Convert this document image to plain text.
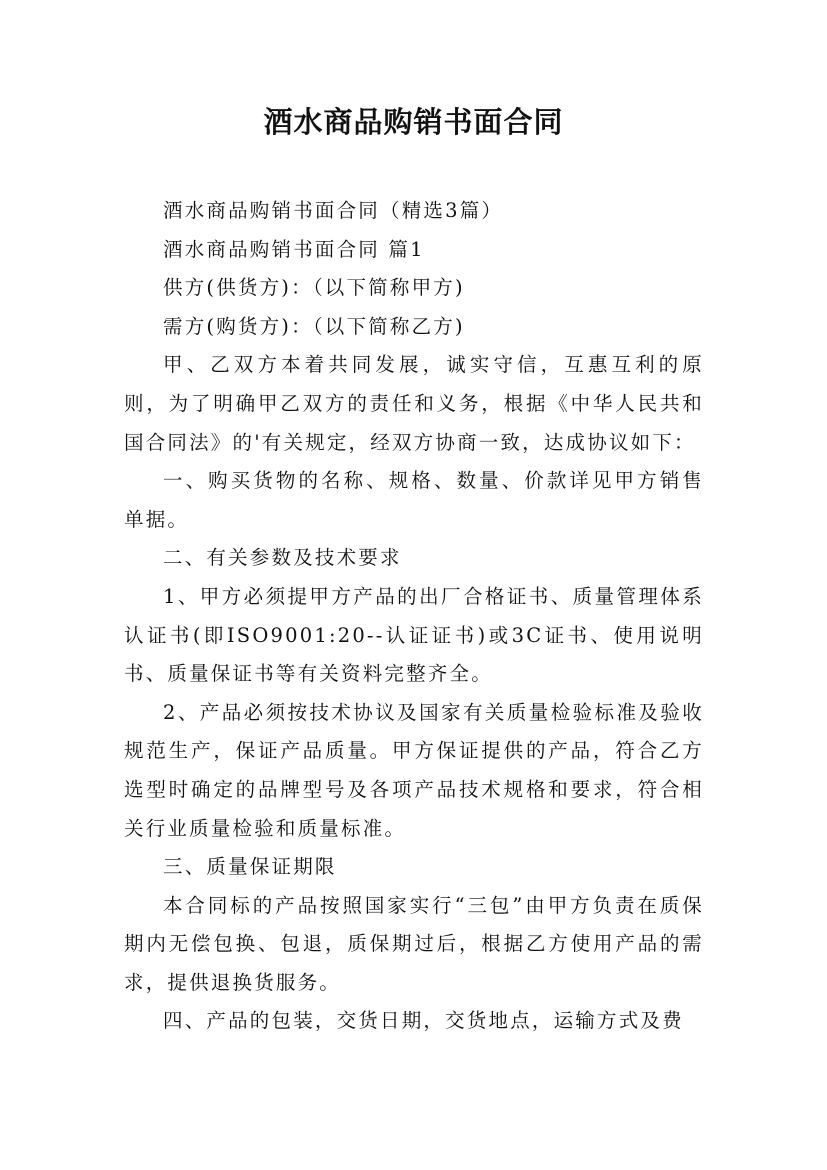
酒水商品购销书面合同

酒水商品购销书面合同（精选3篇）

酒水商品购销书面合同 篇1

供方(供货方)：（以下简称甲方)

需方(购货方)：（以下简称乙方)

甲、乙双方本着共同发展，诚实守信，互惠互利的原则，为了明确甲乙双方的责任和义务，根据《中华人民共和国合同法》的'有关规定，经双方协商一致，达成协议如下：

一、购买货物的名称、规格、数量、价款详见甲方销售单据。

二、有关参数及技术要求

1、甲方必须提甲方产品的出厂合格证书、质量管理体系认证书(即ISO9001:20--认证证书)或3C证书、使用说明书、质量保证书等有关资料完整齐全。

2、产品必须按技术协议及国家有关质量检验标准及验收规范生产，保证产品质量。甲方保证提供的产品，符合乙方选型时确定的品牌型号及各项产品技术规格和要求，符合相关行业质量检验和质量标准。

三、质量保证期限

本合同标的产品按照国家实行“三包”由甲方负责在质保期内无偿包换、包退，质保期过后，根据乙方使用产品的需求，提供退换货服务。

四、产品的包装，交货日期，交货地点，运输方式及费
